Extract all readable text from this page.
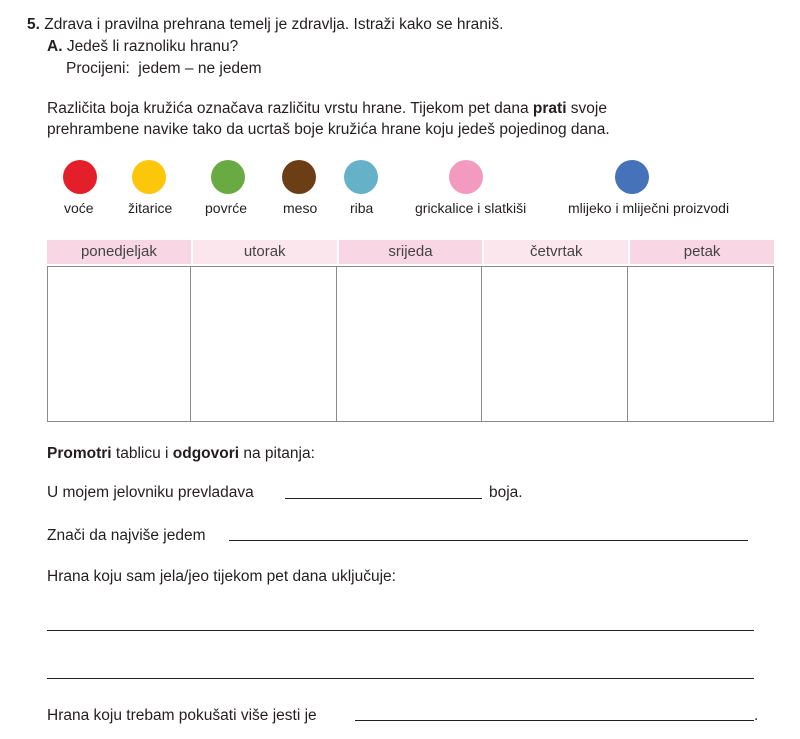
5. Zdrava i pravilna prehrana temelj je zdravlja. Istraži kako se hraniš.
A. Jedeš li raznoliku hranu?
Procijeni: jedem – ne jedem
Različita boja kružića označava različitu vrstu hrane. Tijekom pet dana prati svoje
prehrambene navike tako da ucrtaš boje kružića hrane koju jedeš pojedinog dana.
voće žitarice povrće	meso riba	grickalice i slatkiši	mlijeko i mliječni proizvodi
ponedjeljak	utorak	srijeda	četvrtak	petak
Promotri tablicu i odgovori na pitanja:
U mojem jelovniku prevladava	boja.
Znači da najviše jedem
Hrana koju sam jela/jeo tijekom pet dana uključuje:
Hrana koju trebam pokušati više jesti je	.
